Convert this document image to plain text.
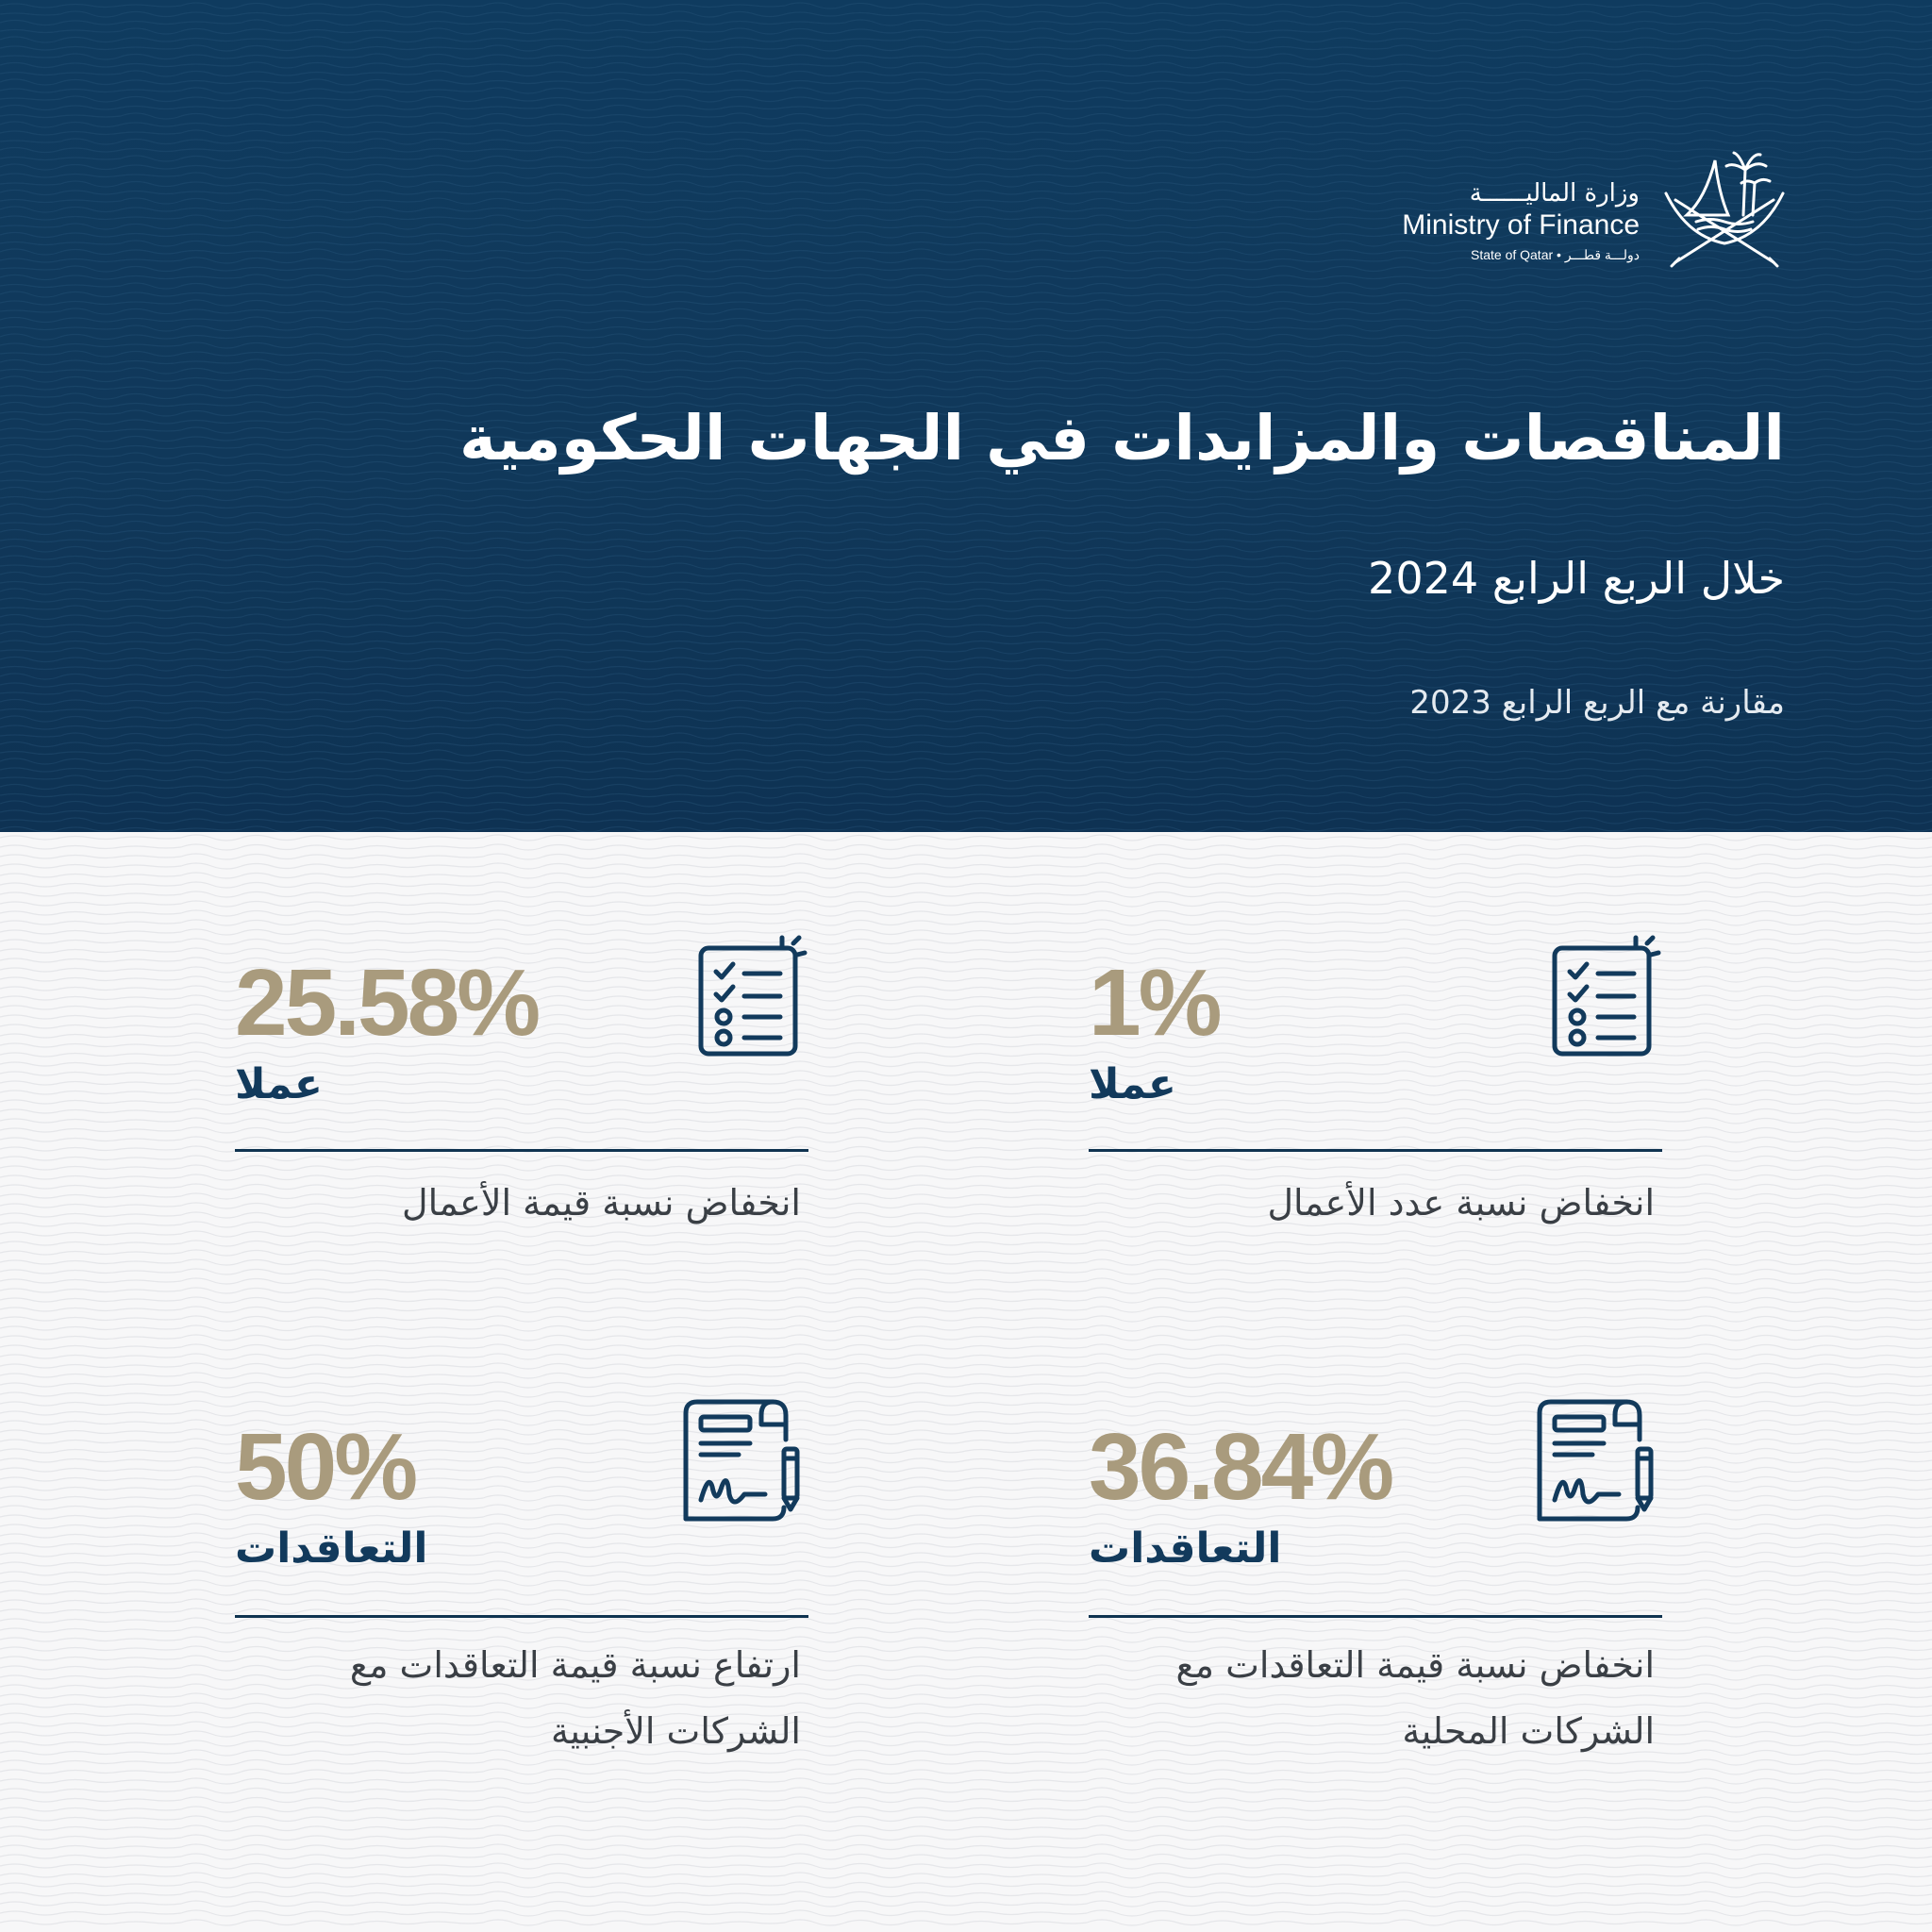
وزارة الماليــــــة
Ministry of Finance
State of Qatar • دولـــة قطـــر
المناقصات والمزايدات في الجهات الحكومية
خلال الربع الرابع 2024
مقارنة مع الربع الرابع 2023
1%
عملا
انخفاض نسبة عدد الأعمال
25.58%
عملا
انخفاض نسبة قيمة الأعمال
36.84%
التعاقدات
انخفاض نسبة قيمة التعاقدات مع الشركات المحلية
50%
التعاقدات
ارتفاع نسبة قيمة التعاقدات مع الشركات الأجنبية
